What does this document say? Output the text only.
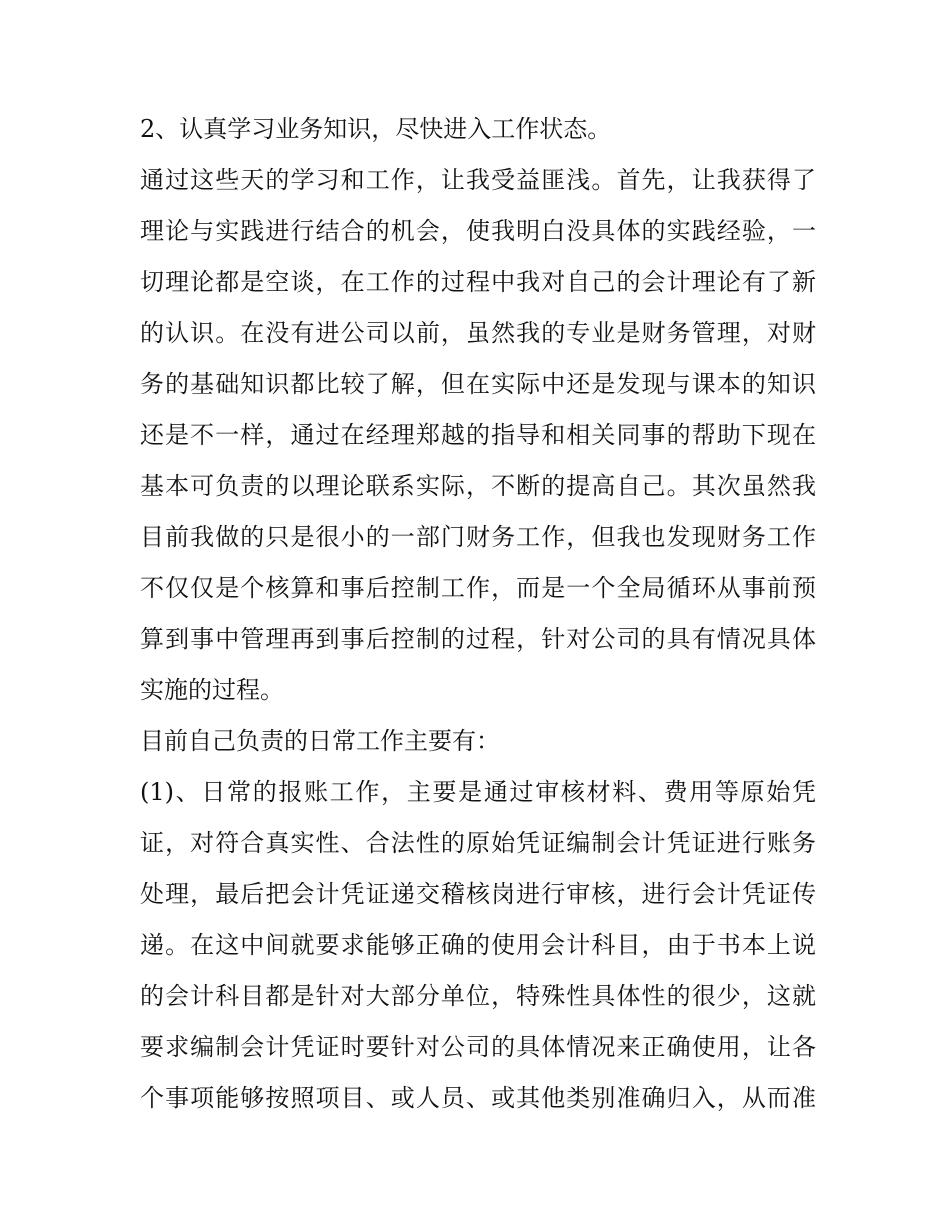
2、认真学习业务知识，尽快进入工作状态。
通过这些天的学习和工作，让我受益匪浅。首先，让我获得了
理论与实践进行结合的机会，使我明白没具体的实践经验，一
切理论都是空谈，在工作的过程中我对自己的会计理论有了新
的认识。在没有进公司以前，虽然我的专业是财务管理，对财
务的基础知识都比较了解，但在实际中还是发现与课本的知识
还是不一样，通过在经理郑越的指导和相关同事的帮助下现在
基本可负责的以理论联系实际，不断的提高自己。其次虽然我
目前我做的只是很小的一部门财务工作，但我也发现财务工作
不仅仅是个核算和事后控制工作，而是一个全局循环从事前预
算到事中管理再到事后控制的过程，针对公司的具有情况具体
实施的过程。
目前自己负责的日常工作主要有：
(1)、日常的报账工作，主要是通过审核材料、费用等原始凭
证，对符合真实性、合法性的原始凭证编制会计凭证进行账务
处理，最后把会计凭证递交稽核岗进行审核，进行会计凭证传
递。在这中间就要求能够正确的使用会计科目，由于书本上说
的会计科目都是针对大部分单位，特殊性具体性的很少，这就
要求编制会计凭证时要针对公司的具体情况来正确使用，让各
个事项能够按照项目、或人员、或其他类别准确归入，从而准
